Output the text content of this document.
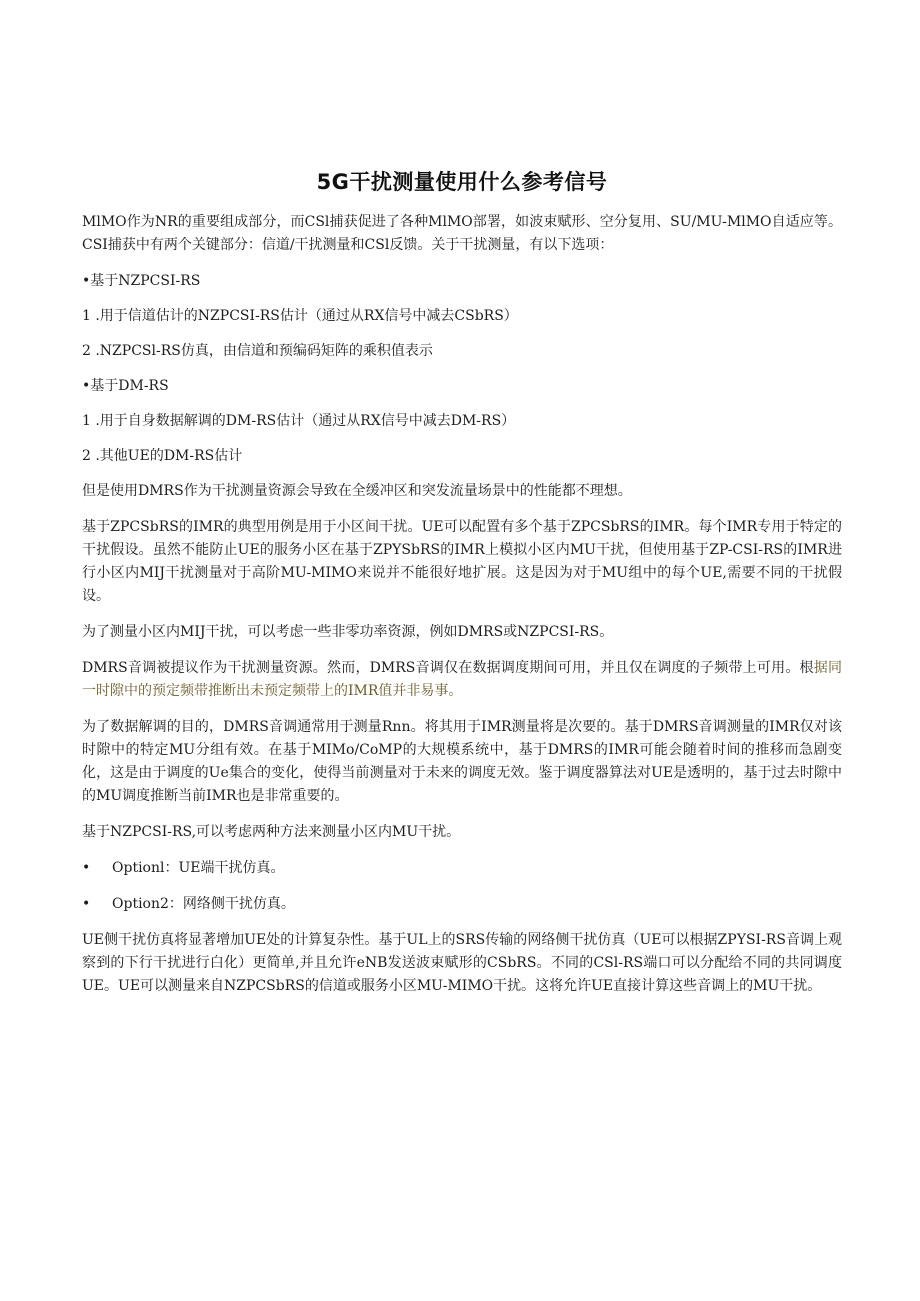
5G干扰测量使用什么参考信号

MlMO作为NR的重要组成部分，而CSl捕获促进了各种MlMO部署，如波束赋形、空分复用、SU/MU-MlMO自适应等。CSI捕获中有两个关键部分：信道/干扰测量和CSl反馈。关于干扰测量，有以下选项：

•基于NZPCSI-RS

1 .用于信道估计的NZPCSI-RS估计（通过从RX信号中减去CSbRS）

2 .NZPCSl-RS仿真，由信道和预编码矩阵的乘积值表示

•基于DM-RS

1 .用于自身数据解调的DM-RS估计（通过从RX信号中减去DM-RS）

2 .其他UE的DM-RS估计

但是使用DMRS作为干扰测量资源会导致在全缓冲区和突发流量场景中的性能都不理想。

基于ZPCSbRS的IMR的典型用例是用于小区间干扰。UE可以配置有多个基于ZPCSbRS的IMR。每个IMR专用于特定的干扰假设。虽然不能防止UE的服务小区在基于ZPYSbRS的IMR上模拟小区内MU干扰，但使用基于ZP-CSI-RS的IMR进行小区内MIJ干扰测量对于高阶MU-MIMO来说并不能很好地扩展。这是因为对于MU组中的每个UE,需要不同的干扰假设。

为了测量小区内MIJ干扰，可以考虑一些非零功率资源，例如DMRS或NZPCSI-RS。

DMRS音调被提议作为干扰测量资源。然而，DMRS音调仅在数据调度期间可用，并且仅在调度的子频带上可用。根据同一时隙中的预定频带推断出未预定频带上的IMR值并非易事。

为了数据解调的目的，DMRS音调通常用于测量Rnn。将其用于IMR测量将是次要的。基于DMRS音调测量的IMR仅对该时隙中的特定MU分组有效。在基于MIMo/CoMP的大规模系统中，基于DMRS的IMR可能会随着时间的推移而急剧变化，这是由于调度的Ue集合的变化，使得当前测量对于未来的调度无效。鉴于调度器算法对UE是透明的，基于过去时隙中的MU调度推断当前IMR也是非常重要的。

基于NZPCSI-RS,可以考虑两种方法来测量小区内MU干扰。

•	Optionl：UE端干扰仿真。
•	Option2：网络侧干扰仿真。

UE侧干扰仿真将显著增加UE处的计算复杂性。基于UL上的SRS传输的网络侧干扰仿真（UE可以根据ZPYSI-RS音调上观察到的下行干扰进行白化）更简单,并且允许eNB发送波束赋形的CSbRS。不同的CSl-RS端口可以分配给不同的共同调度UE。UE可以测量来自NZPCSbRS的信道或服务小区MU-MIMO干扰。这将允许UE直接计算这些音调上的MU干扰。
